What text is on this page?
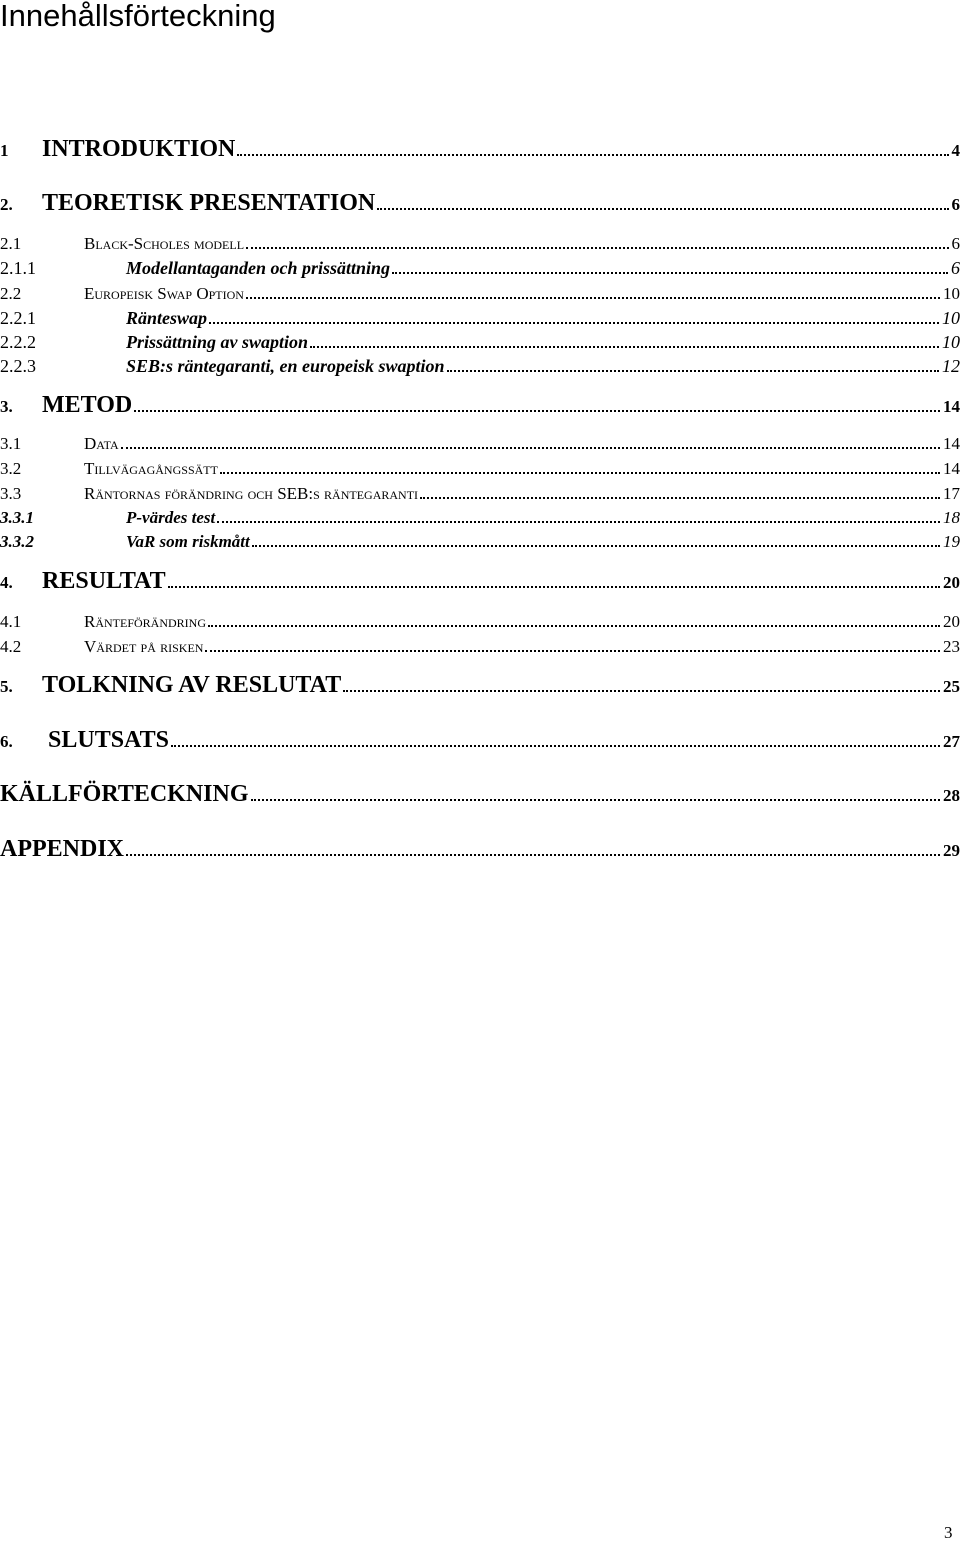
Innehållsförteckning
1	INTRODUKTION	4
2.	TEORETISK PRESENTATION	6
2.1	Black-Scholes modell	6
2.1.1	Modellantaganden och prissättning	6
2.2	Europeisk Swap Option	10
2.2.1	Ränteswap	10
2.2.2	Prissättning av swaption	10
2.2.3	SEB:s räntegaranti, en europeisk swaption	12
3.	METOD	14
3.1	Data	14
3.2	Tillvägagångssätt	14
3.3	Räntornas förändring och SEB:s räntegaranti	17
3.3.1	P-värdes test	18
3.3.2	VaR som riskmått	19
4.	RESULTAT	20
4.1	Ränteförändring	20
4.2	Värdet på risken	23
5.	TOLKNING AV RESLUTAT	25
6.	SLUTSATS	27
KÄLLFÖRTECKNING	28
APPENDIX	29
3
